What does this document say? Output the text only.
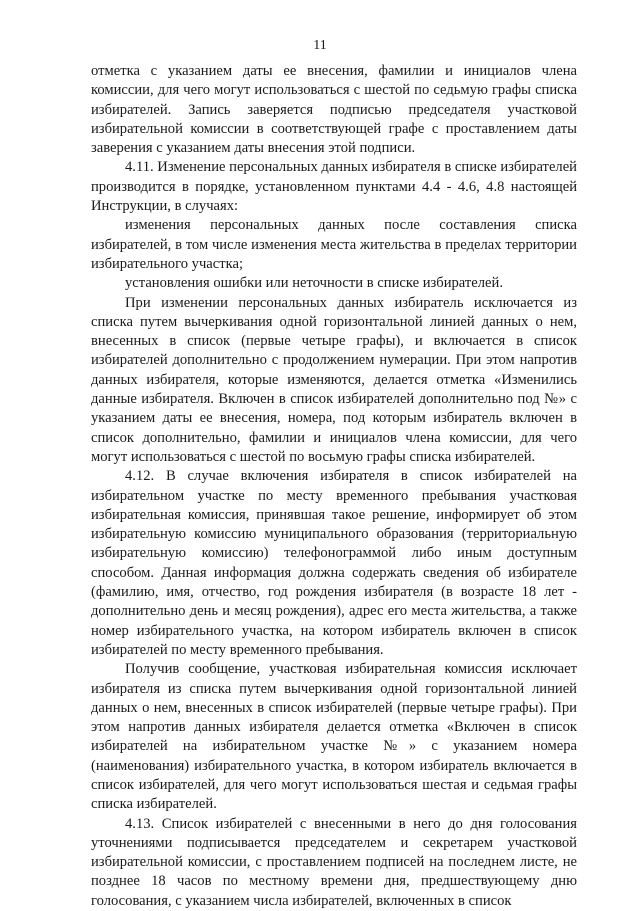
11

отметка с указанием даты ее внесения, фамилии и инициалов члена комиссии, для чего могут использоваться с шестой по седьмую графы списка избирателей. Запись заверяется подписью председателя участковой избирательной комиссии в соответствующей графе с проставлением даты заверения с указанием даты внесения этой подписи.

4.11. Изменение персональных данных избирателя в списке избирателей производится в порядке, установленном пунктами 4.4 - 4.6, 4.8 настоящей Инструкции, в случаях:

изменения персональных данных после составления списка избирателей, в том числе изменения места жительства в пределах территории избирательного участка;

установления ошибки или неточности в списке избирателей.

При изменении персональных данных избиратель исключается из списка путем вычеркивания одной горизонтальной линией данных о нем, внесенных в список (первые четыре графы), и включается в список избирателей дополнительно с продолжением нумерации. При этом напротив данных избирателя, которые изменяются, делается отметка «Изменились данные избирателя. Включен в список избирателей дополнительно под №» с указанием даты ее внесения, номера, под которым избиратель включен в список дополнительно, фамилии и инициалов члена комиссии, для чего могут использоваться с шестой по восьмую графы списка избирателей.

4.12. В случае включения избирателя в список избирателей на избирательном участке по месту временного пребывания участковая избирательная комиссия, принявшая такое решение, информирует об этом избирательную комиссию муниципального образования (территориальную избирательную комиссию) телефонограммой либо иным доступным способом. Данная информация должна содержать сведения об избирателе (фамилию, имя, отчество, год рождения избирателя (в возрасте 18 лет - дополнительно день и месяц рождения), адрес его места жительства, а также номер избирательного участка, на котором избиратель включен в список избирателей по месту временного пребывания.

Получив сообщение, участковая избирательная комиссия исключает избирателя из списка путем вычеркивания одной горизонтальной линией данных о нем, внесенных в список избирателей (первые четыре графы). При этом напротив данных избирателя делается отметка «Включен в список избирателей на избирательном участке №» с указанием номера (наименования) избирательного участка, в котором избиратель включается в список избирателей, для чего могут использоваться шестая и седьмая графы списка избирателей.

4.13. Список избирателей с внесенными в него до дня голосования уточнениями подписывается председателем и секретарем участковой избирательной комиссии, с проставлением подписей на последнем листе, не позднее 18 часов по местному времени дня, предшествующему дню голосования, с указанием числа избирателей, включенных в список
